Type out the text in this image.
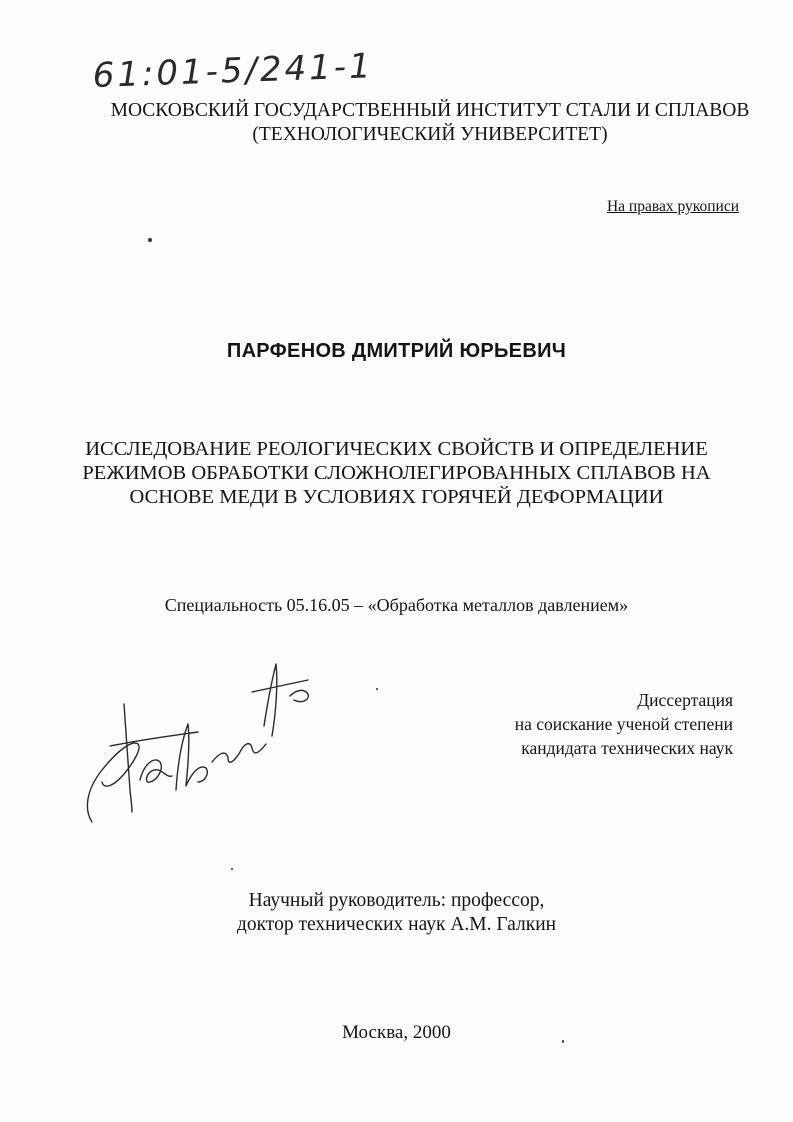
61:01-5/241-1
МОСКОВСКИЙ ГОСУДАРСТВЕННЫЙ ИНСТИТУТ СТАЛИ И СПЛАВОВ
(ТЕХНОЛОГИЧЕСКИЙ УНИВЕРСИТЕТ)
На правах рукописи
ПАРФЕНОВ ДМИТРИЙ ЮРЬЕВИЧ
ИССЛЕДОВАНИЕ РЕОЛОГИЧЕСКИХ СВОЙСТВ И ОПРЕДЕЛЕНИЕ
РЕЖИМОВ ОБРАБОТКИ СЛОЖНОЛЕГИРОВАННЫХ СПЛАВОВ НА
ОСНОВЕ МЕДИ В УСЛОВИЯХ ГОРЯЧЕЙ ДЕФОРМАЦИИ
Специальность 05.16.05 – «Обработка металлов давлением»
Диссертация
на соискание ученой степени
кандидата технических наук
Научный руководитель: профессор,
доктор технических наук А.М. Галкин
Москва, 2000
